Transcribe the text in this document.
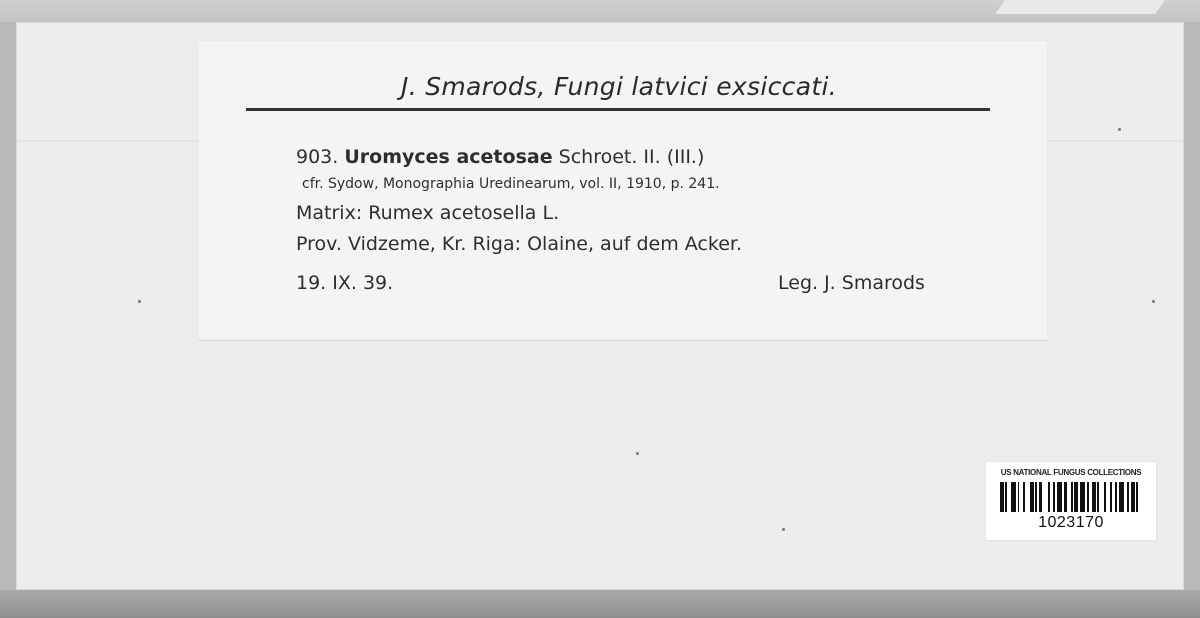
J. Smarods, Fungi latvici exsiccati.
903. Uromyces acetosae Schroet. II. (III.)
cfr. Sydow, Monographia Uredinearum, vol. II, 1910, p. 241.
Matrix: Rumex acetosella L.
Prov. Vidzeme, Kr. Riga: Olaine, auf dem Acker.
19. IX. 39.	Leg. J. Smarods
US NATIONAL FUNGUS COLLECTIONS
1023170
